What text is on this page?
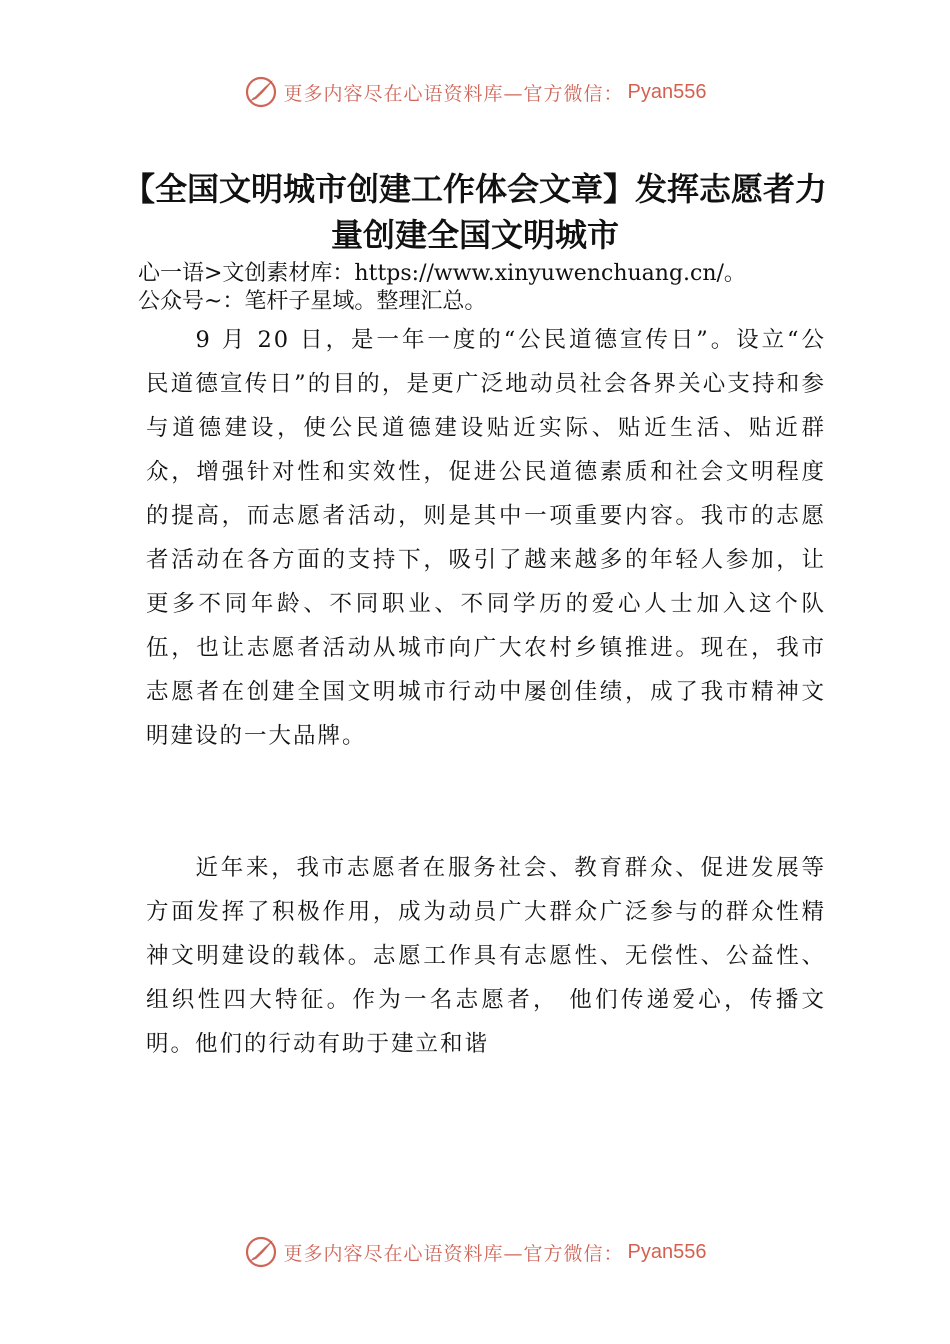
更多内容尽在心语资料库—官方微信： Pyan556
【全国文明城市创建工作体会文章】发挥志愿者力量创建全国文明城市
心一语>文创素材库：https://www.xinyuwenchuang.cn/。
公众号~：笔杆子星域。整理汇总。
9 月 20 日，是一年一度的“公民道德宣传日”。设立“公民道德宣传日”的目的，是更广泛地动员社会各界关心支持和参与道德建设，使公民道德建设贴近实际、贴近生活、贴近群众，增强针对性和实效性，促进公民道德素质和社会文明程度的提高，而志愿者活动，则是其中一项重要内容。我市的志愿者活动在各方面的支持下，吸引了越来越多的年轻人参加，让更多不同年龄、不同职业、不同学历的爱心人士加入这个队伍，也让志愿者活动从城市向广大农村乡镇推进。现在，我市志愿者在创建全国文明城市行动中屡创佳绩，成了我市精神文明建设的一大品牌。
近年来，我市志愿者在服务社会、教育群众、促进发展等方面发挥了积极作用，成为动员广大群众广泛参与的群众性精神文明建设的载体。志愿工作具有志愿性、无偿性、公益性、组织性四大特征。作为一名志愿者， 他们传递爱心，传播文明。他们的行动有助于建立和谐
更多内容尽在心语资料库—官方微信： Pyan556
